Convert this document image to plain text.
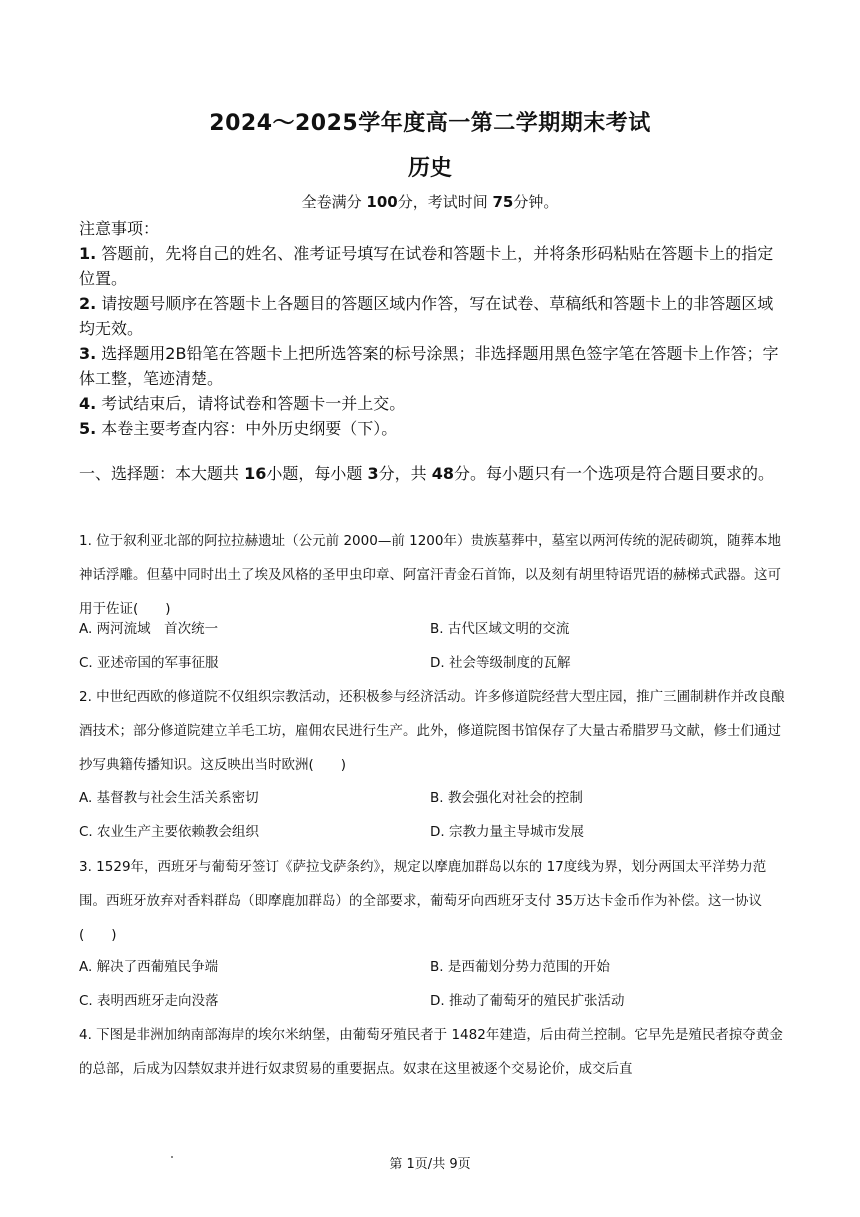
2024～2025学年度高一第二学期期末考试
历史
全卷满分 100分，考试时间 75分钟。
注意事项：
1. 答题前，先将自己的姓名、准考证号填写在试卷和答题卡上，并将条形码粘贴在答题卡上的指定位置。
2. 请按题号顺序在答题卡上各题目的答题区域内作答，写在试卷、草稿纸和答题卡上的非答题区域均无效。
3. 选择题用2B铅笔在答题卡上把所选答案的标号涂黑；非选择题用黑色签字笔在答题卡上作答；字体工整，笔迹清楚。
4. 考试结束后，请将试卷和答题卡一并上交。
5. 本卷主要考查内容：中外历史纲要（下）。
一、选择题：本大题共 16小题，每小题 3分，共 48分。每小题只有一个选项是符合题目要求的。
1. 位于叙利亚北部的阿拉拉赫遗址（公元前 2000—前 1200年）贵族墓葬中，墓室以两河传统的泥砖砌筑，随葬本地神话浮雕。但墓中同时出土了埃及风格的圣甲虫印章、阿富汗青金石首饰，以及刻有胡里特语咒语的赫梯式武器。这可用于佐证(　　)
A. 两河流域　首次统一	B. 古代区域文明的交流
C. 亚述帝国的军事征服	D. 社会等级制度的瓦解
2. 中世纪西欧的修道院不仅组织宗教活动，还积极参与经济活动。许多修道院经营大型庄园，推广三圃制耕作并改良酿酒技术；部分修道院建立羊毛工坊，雇佣农民进行生产。此外，修道院图书馆保存了大量古希腊罗马文献，修士们通过抄写典籍传播知识。这反映出当时欧洲(　　)
A. 基督教与社会生活关系密切	B. 教会强化对社会的控制
C. 农业生产主要依赖教会组织	D. 宗教力量主导城市发展
3. 1529年，西班牙与葡萄牙签订《萨拉戈萨条约》，规定以摩鹿加群岛以东的 17度线为界，划分两国太平洋势力范围。西班牙放弃对香料群岛（即摩鹿加群岛）的全部要求，葡萄牙向西班牙支付 35万达卡金币作为补偿。这一协议(　　)
A. 解决了西葡殖民争端	B. 是西葡划分势力范围的开始
C. 表明西班牙走向没落	D. 推动了葡萄牙的殖民扩张活动
4. 下图是非洲加纳南部海岸的埃尔米纳堡，由葡萄牙殖民者于 1482年建造，后由荷兰控制。它早先是殖民者掠夺黄金的总部，后成为囚禁奴隶并进行奴隶贸易的重要据点。奴隶在这里被逐个交易论价，成交后直
第 1页/共 9页
